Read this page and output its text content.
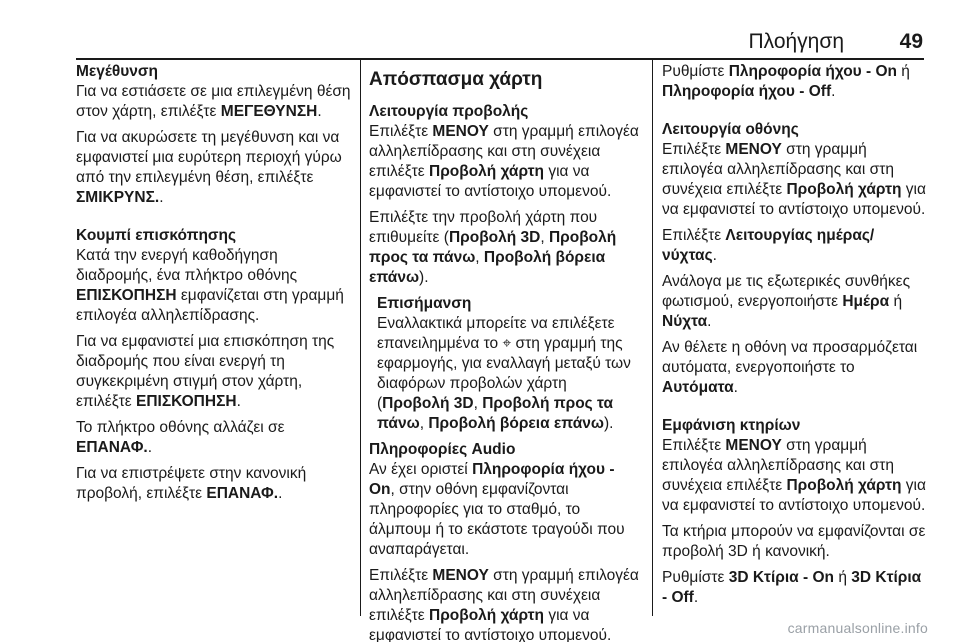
Πλοήγηση	49
Μεγέθυνση

Για να εστιάσετε σε μια επιλεγμένη θέση στον χάρτη, επιλέξτε ΜΕΓΕΘΥΝΣΗ.

Για να ακυρώσετε τη μεγέθυνση και να εμφανιστεί μια ευρύτερη περιοχή γύρω από την επιλεγμένη θέση, επιλέξτε ΣΜΙΚΡΥΝΣ..

Κουμπί επισκόπησης

Κατά την ενεργή καθοδήγηση διαδρομής, ένα πλήκτρο οθόνης ΕΠΙΣΚΟΠΗΣΗ εμφανίζεται στη γραμμή επιλογέα αλληλεπίδρασης.

Για να εμφανιστεί μια επισκόπηση της διαδρομής που είναι ενεργή τη συγκεκριμένη στιγμή στον χάρτη, επιλέξτε ΕΠΙΣΚΟΠΗΣΗ.

Το πλήκτρο οθόνης αλλάζει σε ΕΠΑΝΑΦ..

Για να επιστρέψετε στην κανονική προβολή, επιλέξτε ΕΠΑΝΑΦ..

Απόσπασμα χάρτη
Λειτουργία προβολής

Επιλέξτε ΜΕΝΟΥ στη γραμμή επιλογέα αλληλεπίδρασης και στη συνέχεια επιλέξτε Προβολή χάρτη για να εμφανιστεί το αντίστοιχο υπομενού.

Επιλέξτε την προβολή χάρτη που επιθυμείτε (Προβολή 3D, Προβολή προς τα πάνω, Προβολή βόρεια επάνω).

Επισήμανση

Εναλλακτικά μπορείτε να επιλέξετε επανειλημμένα το ⌖ στη γραμμή της εφαρμογής, για εναλλαγή μεταξύ των διαφόρων προβολών χάρτη (Προβολή 3D, Προβολή προς τα πάνω, Προβολή βόρεια επάνω).

Πληροφορίες Audio

Αν έχει οριστεί Πληροφορία ήχου - On, στην οθόνη εμφανίζονται πληροφορίες για το σταθμό, το άλμπουμ ή το εκάστοτε τραγούδι που αναπαράγεται.

Επιλέξτε ΜΕΝΟΥ στη γραμμή επιλογέα αλληλεπίδρασης και στη συνέχεια επιλέξτε Προβολή χάρτη για να εμφανιστεί το αντίστοιχο υπομενού.

Ρυθμίστε Πληροφορία ήχου - On ή Πληροφορία ήχου - Off.

Λειτουργία οθόνης

Επιλέξτε ΜΕΝΟΥ στη γραμμή επιλογέα αλληλεπίδρασης και στη συνέχεια επιλέξτε Προβολή χάρτη για να εμφανιστεί το αντίστοιχο υπομενού.

Επιλέξτε Λειτουργίας ημέρας/νύχτας.

Ανάλογα με τις εξωτερικές συνθήκες φωτισμού, ενεργοποιήστε Ημέρα ή Νύχτα.

Αν θέλετε η οθόνη να προσαρμόζεται αυτόματα, ενεργοποιήστε το Αυτόματα.

Εμφάνιση κτηρίων

Επιλέξτε ΜΕΝΟΥ στη γραμμή επιλογέα αλληλεπίδρασης και στη συνέχεια επιλέξτε Προβολή χάρτη για να εμφανιστεί το αντίστοιχο υπομενού.

Τα κτήρια μπορούν να εμφανίζονται σε προβολή 3D ή κανονική.

Ρυθμίστε 3D Κτίρια - On ή 3D Κτίρια - Off.

carmanualsonline.info
